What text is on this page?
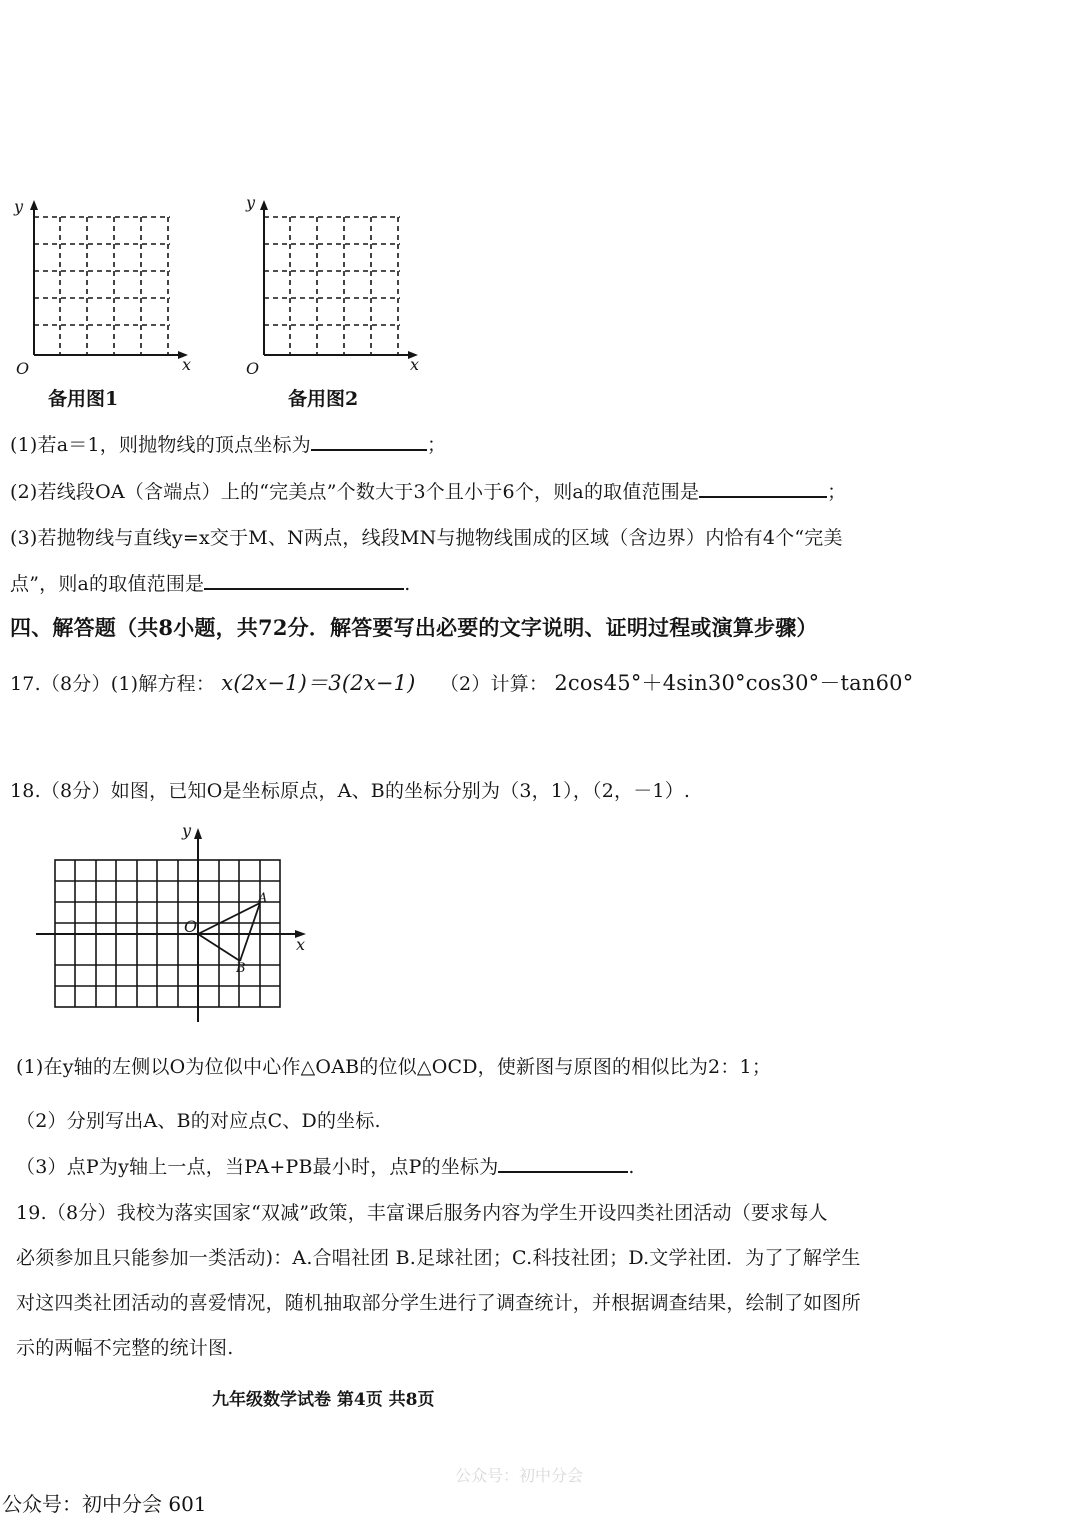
y
x
O
备用图1
y
x
O
备用图2
(1)若a＝1，则抛物线的顶点坐标为	；
(2)若线段OA（含端点）上的“完美点”个数大于3个且小于6个，则a的取值范围是	；
(3)若抛物线与直线y=x交于M、N两点，线段MN与抛物线围成的区域（含边界）内恰有4个“完美
点”，则a的取值范围是	.
四、解答题（共8小题，共72分．解答要写出必要的文字说明、证明过程或演算步骤）
17.（8分）(1)解方程： x(2x−1)＝3(2x−1) （2）计算： 2cos45°＋4sin30°cos30°－tan60°
18.（8分）如图，已知O是坐标原点，A、B的坐标分别为（3，1），（2，－1）.
y
x
O
A
B
(1)在y轴的左侧以O为位似中心作△OAB的位似△OCD，使新图与原图的相似比为2：1；
（2）分别写出A、B的对应点C、D的坐标.
（3）点P为y轴上一点，当PA+PB最小时，点P的坐标为	.
19.（8分）我校为落实国家“双减”政策，丰富课后服务内容为学生开设四类社团活动（要求每人
必须参加且只能参加一类活动)：A.合唱社团 B.足球社团；C.科技社团；D.文学社团．为了了解学生
对这四类社团活动的喜爱情况，随机抽取部分学生进行了调查统计，并根据调查结果，绘制了如图所
示的两幅不完整的统计图.
九年级数学试卷 第4页 共8页
公众号：初中分会
公众号：初中分会 601
